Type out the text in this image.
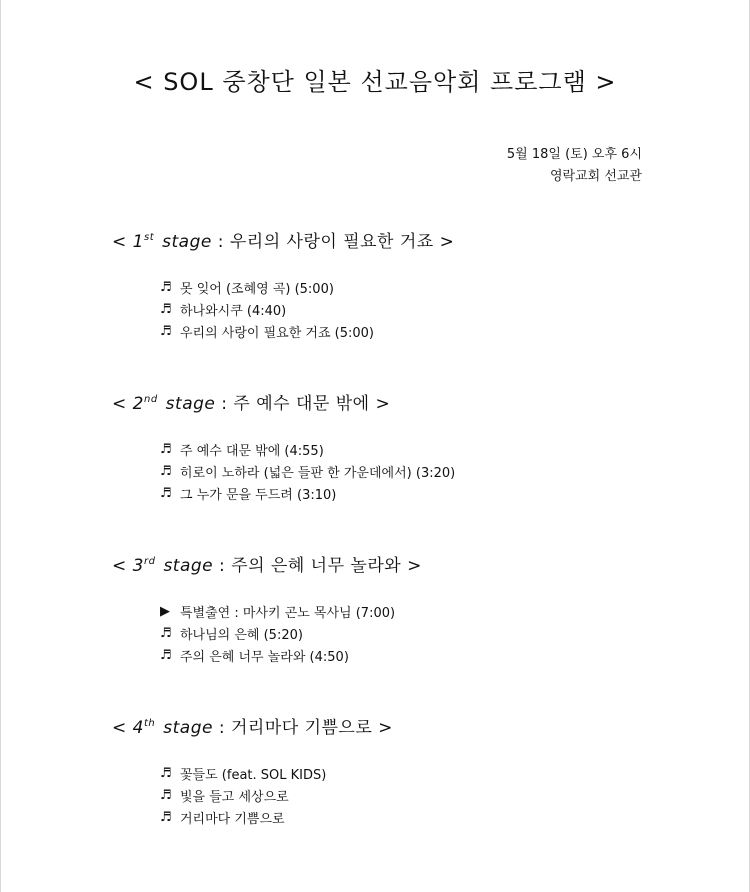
< SOL 중창단 일본 선교음악회 프로그램 >
5월 18일 (토) 오후 6시
영락교회 선교관
< 1st stage : 우리의 사랑이 필요한 거죠 >
♬ 못 잊어 (조혜영 곡) (5:00)
♬ 하나와시쿠 (4:40)
♬ 우리의 사랑이 필요한 거죠 (5:00)
< 2nd stage : 주 예수 대문 밖에 >
♬ 주 예수 대문 밖에 (4:55)
♬ 히로이 노하라 (넓은 들판 한 가운데에서) (3:20)
♬ 그 누가 문을 두드려 (3:10)
< 3rd stage : 주의 은혜 너무 놀라와 >
▶ 특별출연 : 마사키 곤노 목사님 (7:00)
♬ 하나님의 은혜 (5:20)
♬ 주의 은혜 너무 놀라와 (4:50)
< 4th stage : 거리마다 기쁨으로 >
♬ 꽃들도 (feat. SOL KIDS)
♬ 빛을 들고 세상으로
♬ 거리마다 기쁨으로
